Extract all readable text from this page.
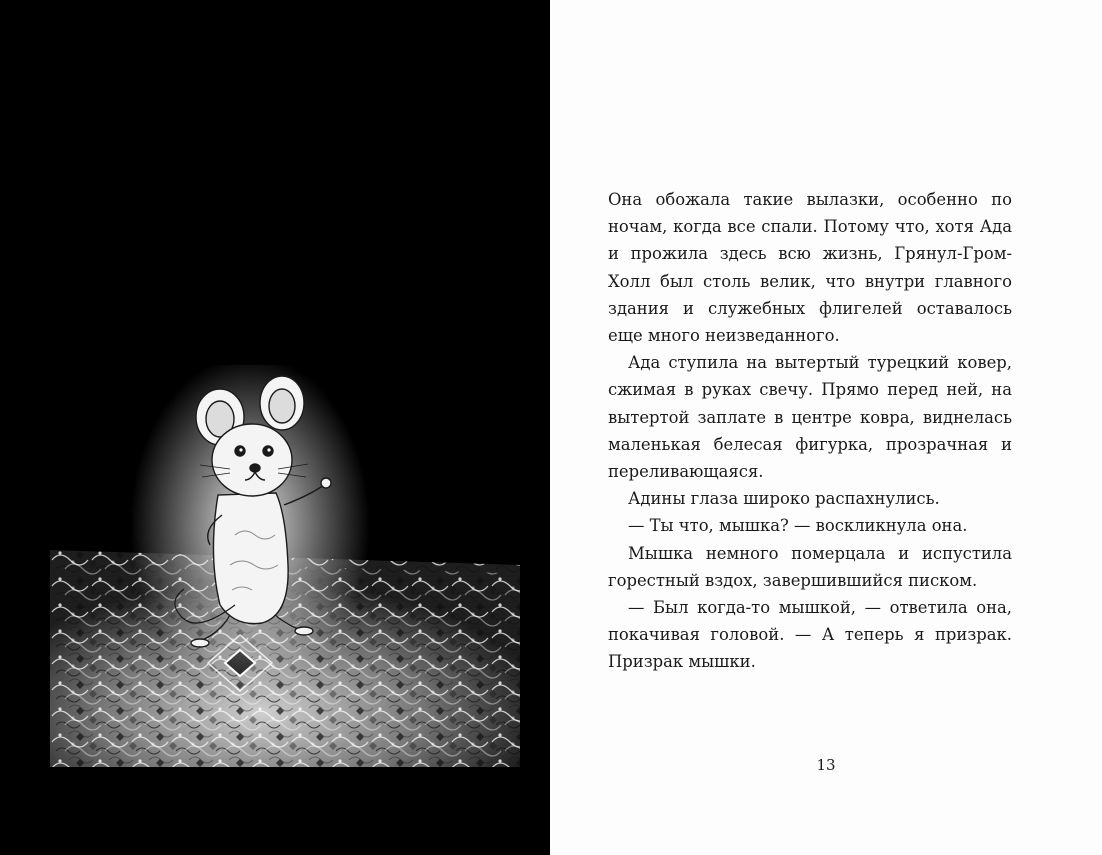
Она обожала такие вылазки, особенно по ночам, когда все спали. Потому что, хотя Ада и прожила здесь всю жизнь, Грянул-Гром-Холл был столь велик, что внутри главного здания и служебных флигелей оставалось еще много неизведанного.

Ада ступила на вытертый турецкий ковер, сжимая в руках свечу. Прямо перед ней, на вытертой заплате в центре ковра, виднелась маленькая белесая фигурка, прозрачная и переливающаяся.

Адины глаза широко распахнулись.

— Ты что, мышка? — воскликнула она.

Мышка немного померцала и испустила горестный вздох, завершившийся писком.

— Был когда-то мышкой, — ответила она, покачивая головой. — А теперь я призрак. Призрак мышки.

13
